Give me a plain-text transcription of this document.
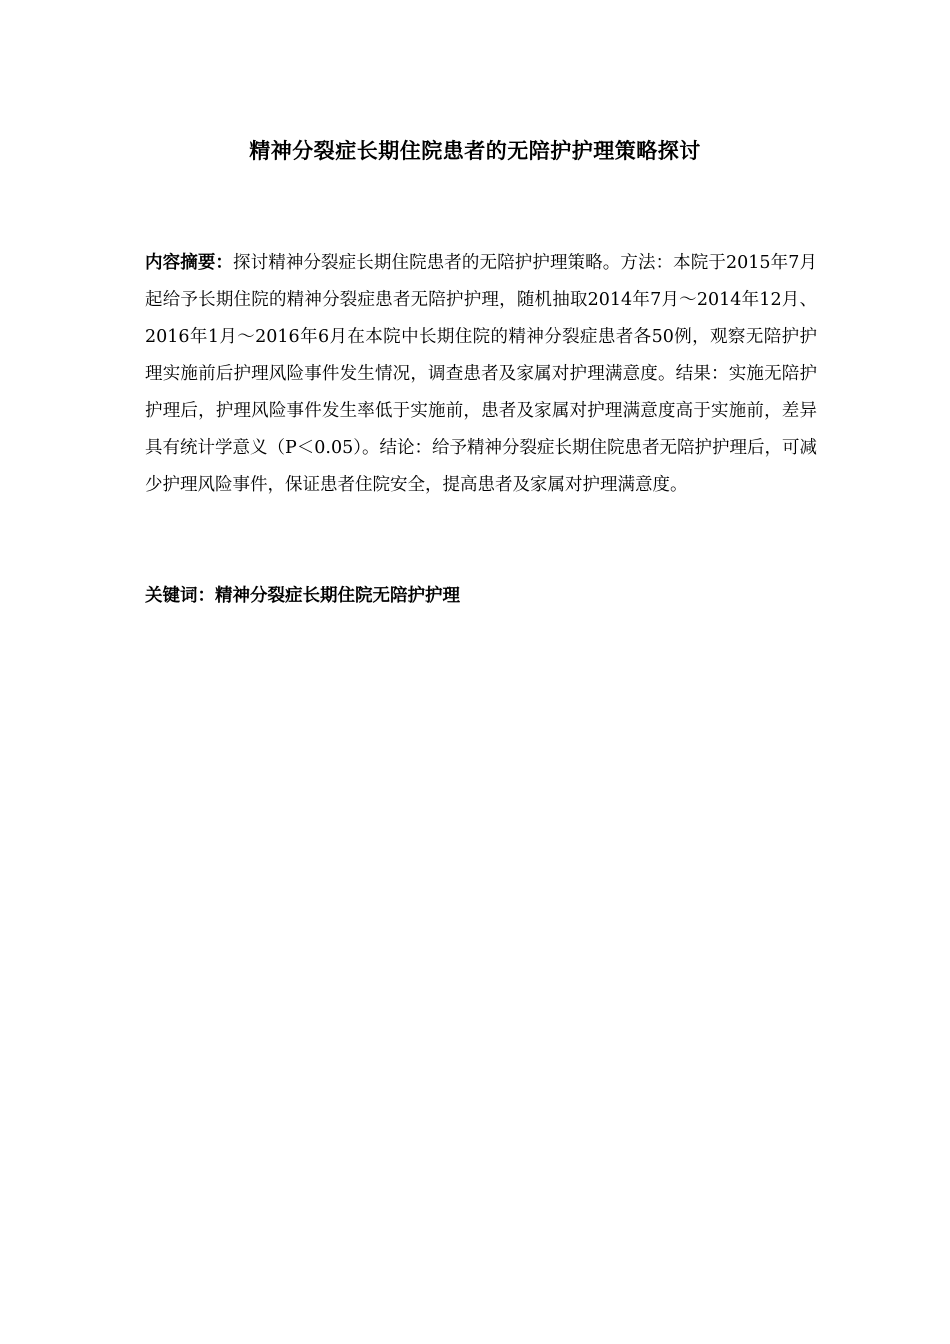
精神分裂症长期住院患者的无陪护护理策略探讨
内容摘要：探讨精神分裂症长期住院患者的无陪护护理策略。方法：本院于2015年7月起给予长期住院的精神分裂症患者无陪护护理，随机抽取2014年7月～2014年12月、2016年1月～2016年6月在本院中长期住院的精神分裂症患者各50例，观察无陪护护理实施前后护理风险事件发生情况，调查患者及家属对护理满意度。结果：实施无陪护护理后，护理风险事件发生率低于实施前，患者及家属对护理满意度高于实施前，差异具有统计学意义（P＜0.05）。结论：给予精神分裂症长期住院患者无陪护护理后，可减少护理风险事件，保证患者住院安全，提高患者及家属对护理满意度。
关键词：精神分裂症长期住院无陪护护理
